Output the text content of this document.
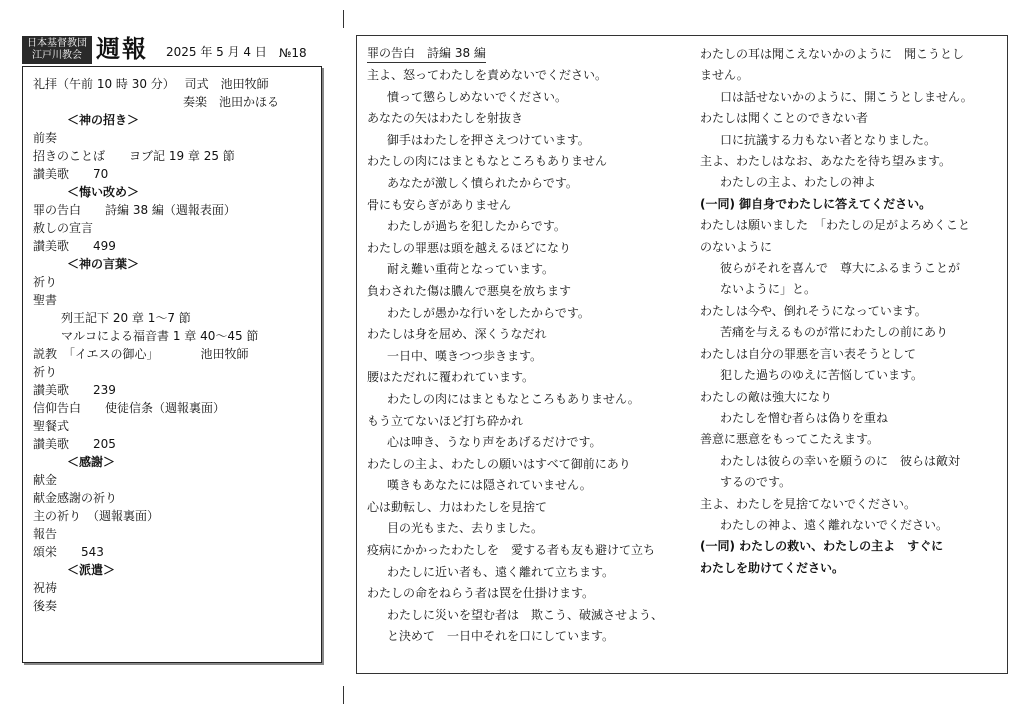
日本基督教団
江戸川教会 週報 2025 年 5 月 4 日 №18
礼拝（午前 10 時 30 分）　 司式　池田牧師
奏楽　池田かほる
＜神の招き＞
前奏
招きのことば　　ヨブ記 19 章 25 節
讃美歌　　70
＜悔い改め＞
罪の告白　　詩編 38 編（週報表面）
赦しの宣言
讃美歌　　499
＜神の言葉＞
祈り
聖書
列王記下 20 章 1～7 節
マルコによる福音書 1 章 40～45 節
説教　「イエスの御心」　　　　池田牧師
祈り
讃美歌　　239
信仰告白　　使徒信条（週報裏面）
聖餐式
讃美歌　　205
＜感謝＞
献金
献金感謝の祈り
主の祈り　（週報裏面）
報告
頌栄　　543
＜派遣＞
祝祷
後奏
罪の告白　詩編 38 編
主よ、怒ってわたしを責めないでください。
憤って懲らしめないでください。
あなたの矢はわたしを射抜き
御手はわたしを押さえつけています。
わたしの肉にはまともなところもありません
あなたが激しく憤られたからです。
骨にも安らぎがありません
わたしが過ちを犯したからです。
わたしの罪悪は頭を越えるほどになり
耐え難い重荷となっています。
負わされた傷は膿んで悪臭を放ちます
わたしが愚かな行いをしたからです。
わたしは身を屈め、深くうなだれ
一日中、嘆きつつ歩きます。
腰はただれに覆われています。
わたしの肉にはまともなところもありません。
もう立てないほど打ち砕かれ
心は呻き、うなり声をあげるだけです。
わたしの主よ、わたしの願いはすべて御前にあり
嘆きもあなたには隠されていません。
心は動転し、力はわたしを見捨て
目の光もまた、去りました。
疫病にかかったわたしを　愛する者も友も避けて立ち
わたしに近い者も、遠く離れて立ちます。
わたしの命をねらう者は罠を仕掛けます。
わたしに災いを望む者は　欺こう、破滅させよう、
と決めて　一日中それを口にしています。
わたしの耳は聞こえないかのように　聞こうとし
ません。
口は話せないかのように、開こうとしません。
わたしは聞くことのできない者
口に抗議する力もない者となりました。
主よ、わたしはなお、あなたを待ち望みます。
わたしの主よ、わたしの神よ
(一同) 御自身でわたしに答えてください。
わたしは願いました　「わたしの足がよろめくこと
のないように
彼らがそれを喜んで　尊大にふるまうことが
ないように」と。
わたしは今や、倒れそうになっています。
苦痛を与えるものが常にわたしの前にあり
わたしは自分の罪悪を言い表そうとして
犯した過ちのゆえに苦悩しています。
わたしの敵は強大になり
わたしを憎む者らは偽りを重ね
善意に悪意をもってこたえます。
わたしは彼らの幸いを願うのに　彼らは敵対
するのです。
主よ、わたしを見捨てないでください。
わたしの神よ、遠く離れないでください。
(一同) わたしの救い、わたしの主よ　すぐに
わたしを助けてください。
